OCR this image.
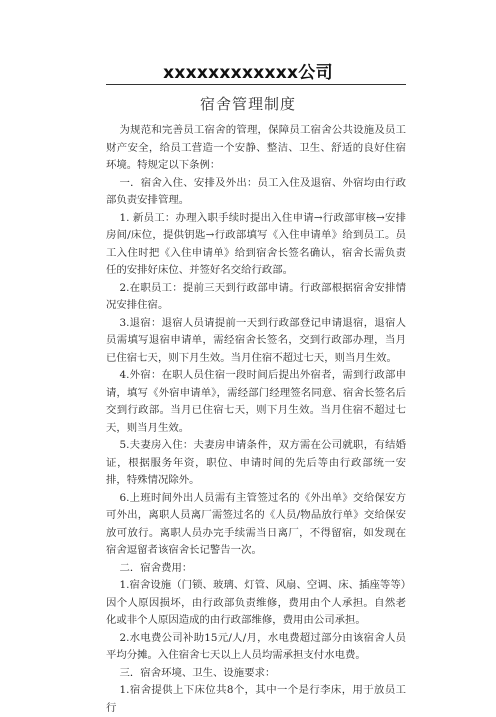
xxxxxxxxxxxx公司
宿舍管理制度

为规范和完善员工宿舍的管理，保障员工宿舍公共设施及员工财产安全，给员工营造一个安静、整洁、卫生、舒适的良好住宿环境。特规定以下条例：

一．宿舍入住、安排及外出：员工入住及退宿、外宿均由行政部负责安排管理。

1. 新员工：办理入职手续时提出入住申请→行政部审核→安排房间/床位，提供钥匙→行政部填写《入住申请单》给到员工。员工入住时把《入住申请单》给到宿舍长签名确认，宿舍长需负责任的安排好床位、并签好名交给行政部。

2.在职员工：提前三天到行政部申请。行政部根据宿舍安排情况安排住宿。

3.退宿：退宿人员请提前一天到行政部登记申请退宿，退宿人员需填写退宿申请单，需经宿舍长签名，交到行政部办理，当月已住宿七天，则下月生效。当月住宿不超过七天，则当月生效。

4.外宿：在职人员住宿一段时间后提出外宿者，需到行政部申请，填写《外宿申请单》，需经部门经理签名同意、宿舍长签名后交到行政部。当月已住宿七天，则下月生效。当月住宿不超过七天，则当月生效。

5.夫妻房入住：夫妻房申请条件，双方需在公司就职，有结婚证，根据服务年资，职位、申请时间的先后等由行政部统一安排，特殊情况除外。

6.上班时间外出人员需有主管签过名的《外出单》交给保安方可外出，离职人员离厂需签过名的《人员/物品放行单》交给保安放可放行。离职人员办完手续需当日离厂，不得留宿，如发现在宿舍逗留者该宿舍长记警告一次。

二．宿舍费用：

1.宿舍设施（门锁、玻璃、灯管、风扇、空调、床、插座等等）因个人原因损坏，由行政部负责维修，费用由个人承担。自然老化或非个人原因造成的由行政部维修，费用由公司承担。

2.水电费公司补助15元/人/月，水电费超过部分由该宿舍人员平均分摊。入住宿舍七天以上人员均需承担支付水电费。

三．宿舍环境、卫生、设施要求：

1.宿舍提供上下床位共8个，其中一个是行李床，用于放员工行
